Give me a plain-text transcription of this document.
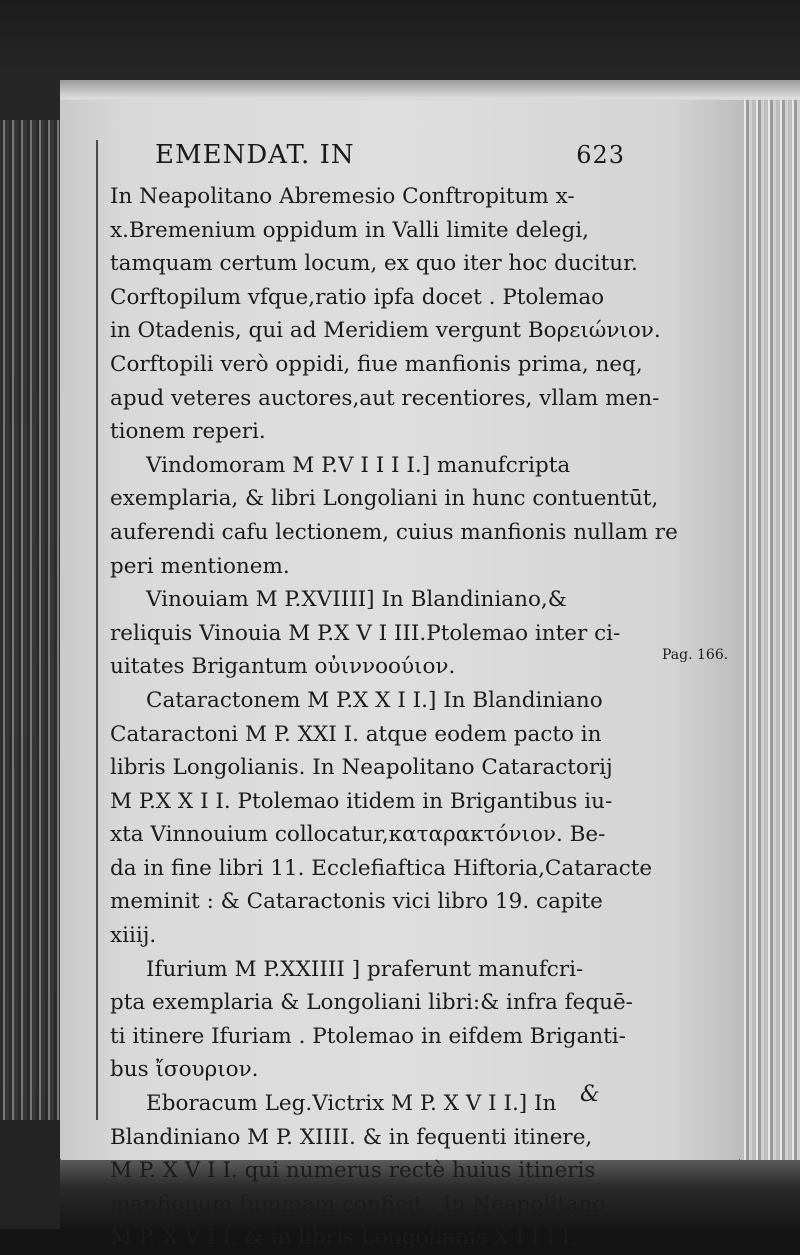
EMENDAT. IN	623
In Neapolitano Abremesio Conftropitum x-
x.Bremenium oppidum in Valli limite delegi,
tamquam certum locum, ex quo iter hoc ducitur.
Corftopilum vfque,ratio ipfa docet . Ptolemao
in Otadenis, qui ad Meridiem vergunt Βορειώνιον.
Corftopili verò oppidi, fiue manfionis prima, neq,
apud veteres auctores,aut recentiores, vllam men-
tionem reperi.
Vindomoram M P.V I I I I.] manufcripta
exemplaria, & libri Longoliani in hunc contuentūt,
auferendi cafu lectionem, cuius manfionis nullam re
peri mentionem.
Vinouiam M P.XVIIII] In Blandiniano,&
reliquis Vinouia M P.X V I III.Ptolemao inter ci-
uitates Brigantum οὐιννοούιον.
Cataractonem M P.X X I I.] In Blandiniano
Cataractoni M P. XXI I. atque eodem pacto in
libris Longolianis. In Neapolitano Cataractorij
M P.X X I I. Ptolemao itidem in Brigantibus iu-
xta Vinnouium collocatur,καταρακτόνιον. Be-
da in fine libri 11. Ecclefiaftica Hiftoria,Cataracte
meminit : & Cataractonis vici libro 19. capite
xiiij.
Ifurium M P.XXIIII ] praferunt manufcri-
pta exemplaria & Longoliani libri:& infra fequē-
ti itinere Ifuriam . Ptolemao in eifdem Briganti-
bus ἴσουριον.
Eboracum Leg.Victrix M P. X V I I.] In
Blandiniano M P. XIIII. & in fequenti itinere,
M P. X V I I. qui numerus rectè huius itineris
manfionum fummam conficit . In Neapolitano
M P. X V I I. & in libris Longolianis X I I I I.
Pag. 166.
&
